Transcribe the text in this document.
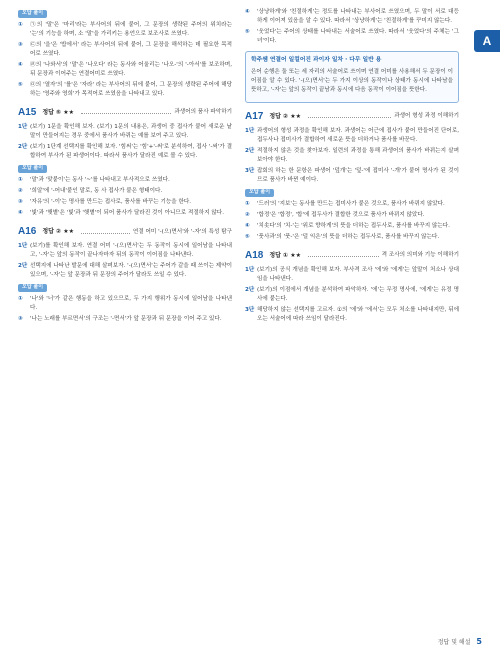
A
오답 풀이
①	㉠의 '말'은 '마리'라는 부사어의 뒤에 붙어, 그 문장의 생략된 주어의 위치라는 '는'의 기능을 하며, 소 '말'을 가리키는 용언으로 보조사로 쓰였다.
③	㉢의 '을'은 '밥에서' 라는 부사어의 뒤에 붙어, 그 문장을 해석하는 데 필요한 목적어로 쓰였다.
④	㉣의 '나와서'의 '말'은 '나오다' 라는 동사와 어울리는 '나오-'의 '-아서'를 보조하며, 뒤 문장과 이어주는 연결어미로 쓰였다.
⑤	㉤의 '열자'의 '를'은 '자라' 라는 부사어의 뒤에 붙어, 그 문장의 생략된 주어에 해당하는 '영주와 영희'가 목적어로 쓰였음을 나타내고 있다.
A15 정답 ⑤ ★★	과생어의 품사 파악하기
1단 (보기) 1문을 확인해 보자. (보기) 1문의 내용은, 과생어 중 접사가 붙어 새로운 낱말이 만들어지는 경우 중에서 품사가 바뀌는 예를 보여 주고 있다.
2단 (보기) 1단계 선택지를 확인해 보자. '힘써'는 '힘'+'-써'로 분석하여, 접사 '-써'가 결합하여 부사가 된 파생어이다. 따라서 품사가 달라진 예로 볼 수 있다.
오답 풀이
①	'말'과 '맞붙이'는 동사 '~'를 나타내고 부사적으로 쓰였다.
②	'희알'에 '-어내'붙인 말로, 동 사 접사가 붙은 형태이다.
③	'자유'의 '-이'는 명사를 만드는 접사로, 품사를 바꾸는 기능을 한다.
④	'빛'과 '햇볕'은 '빛'과 '햇볕'이 되어 품사가 달라진 것이 아니므로 적절하지 않다.
A16 정답 ② ★★	연결 어미 '-(으)면서'와 '-자'의 특성 탐구
1단 (보기)를 확인해 보자. 연결 어미 '-(으)면서'는 두 동작이 동시에 일어남을 나타내고, '-자'는 앞의 동작이 끝나자마자 뒤의 동작이 이어짐을 나타낸다.
2단 선택지에 나타난 발문에 대해 살펴보자. '-(으)면서'는 주어가 같을 때 쓰이는 제약이 있으며, '-자'는 앞 문장과 뒤 문장의 주어가 달라도 쓰일 수 있다.
오답 풀이
①	'나'와 '너'가 같은 행동을 하고 있으므로, 두 가지 행위가 동시에 일어남을 나타낸다.
③	'나는 노래를 부르면서'의 구조는 '-면서'가 앞 문장과 뒤 문장을 이어 주고 있다.
④	'상냥하게'와 '친절하게'는 정도를 나타내는 부사어로 쓰였으며, 두 말이 서로 대등하게 이어져 있음을 알 수 있다. 따라서 '상냥하게'는 '친절하게'를 꾸미지 않는다.
⑤	'웃었다'는 주어의 상태를 나타내는 서술어로 쓰였다. 따라서 '웃었다'의 주체는 '그녀'이다.
학주쌤 연결어 일컬어진 과이자 일차 · 다무 일반 용

은어 순행은 둘 또는 세 자리의 서술어로 쓰이며 연결 어미를 사용해서 두 문장이 이어짐을 알 수 있다. '-(으)면서'는 두 가지 이상의 동작이나 상태가 동시에 나타남을 뜻하고, '-자'는 앞의 동작이 끝남과 동시에 다음 동작이 이어짐을 뜻한다.

A17 정답 ② ★★	과생어 형성 과정 이해하기
1단 과생어의 형성 과정을 확인해 보자. 과생어는 어근에 접사가 붙어 만들어진 단어로, 접두사나 접미사가 결합하여 새로운 뜻을 더하거나 품사를 바꾼다.
2단 적절하지 않은 것을 찾아보자. 일련의 과정을 통해 과생어의 품사가 바뀌는지 살펴보아야 한다.
3단 잡회의 하는 한 문항은 파생어 '덮개'는 '덮-'에 접미사 '-개'가 붙어 명사가 된 것이므로 품사가 바뀐 예이다.
오답 풀이
①	'드러'의 '지보'는 동사를 만드는 접미사가 붙은 것으로, 품사가 바뀌지 않았다.
②	'합정'은 '합정', '합'에 접두사가 결합한 것으로 품사가 바뀌지 않았다.
④	'치솟다'의 '치-'는 '위로 향하게'의 뜻을 더하는 접두사로, 품사를 바꾸지 않는다.
⑤	'풋사과'의 '풋-'은 '덜 익은'의 뜻을 더하는 접두사로, 품사를 바꾸지 않는다.
A18 정답 ① ★★	격 조사의 의미와 기능 이해하기
1단 (보기)의 공식 개념을 확인해 보자. 부사격 조사 '에'와 '에게'는 앞말이 처소나 상대임을 나타낸다.
2단 (보기)의 이점에서 개념을 분석하여 파악하자. '에'는 무정 명사에, '에게'는 유정 명사에 붙는다.
3단 해당하지 않는 선택지를 고르자. ①의 '에'와 '에서'는 모두 처소를 나타내지만, 뒤에 오는 서술어에 따라 쓰임이 달라진다.
정답 및 해설 5
